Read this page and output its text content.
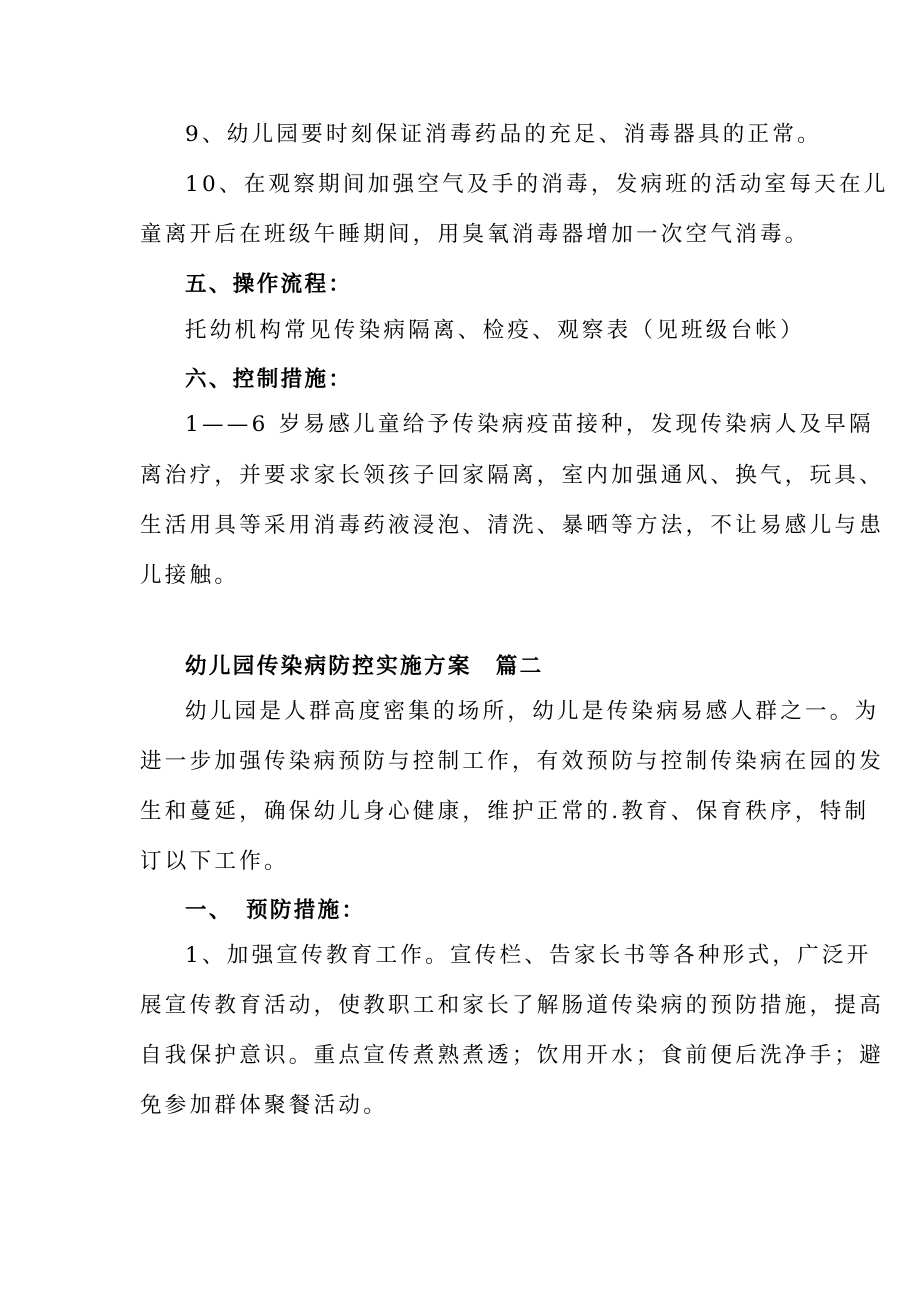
9、幼儿园要时刻保证消毒药品的充足、消毒器具的正常。
10、在观察期间加强空气及手的消毒，发病班的活动室每天在儿
童离开后在班级午睡期间，用臭氧消毒器增加一次空气消毒。
五、操作流程：
托幼机构常见传染病隔离、检疫、观察表（见班级台帐）
六、控制措施：
1——6 岁易感儿童给予传染病疫苗接种，发现传染病人及早隔
离治疗，并要求家长领孩子回家隔离，室内加强通风、换气，玩具、
生活用具等采用消毒药液浸泡、清洗、暴晒等方法，不让易感儿与患
儿接触。
幼儿园传染病防控实施方案　篇二
幼儿园是人群高度密集的场所，幼儿是传染病易感人群之一。为
进一步加强传染病预防与控制工作，有效预防与控制传染病在园的发
生和蔓延，确保幼儿身心健康，维护正常的.教育、保育秩序，特制
订以下工作。
一、　预防措施：
1、加强宣传教育工作。宣传栏、告家长书等各种形式，广泛开
展宣传教育活动，使教职工和家长了解肠道传染病的预防措施，提高
自我保护意识。重点宣传煮熟煮透；饮用开水；食前便后洗净手；避
免参加群体聚餐活动。
